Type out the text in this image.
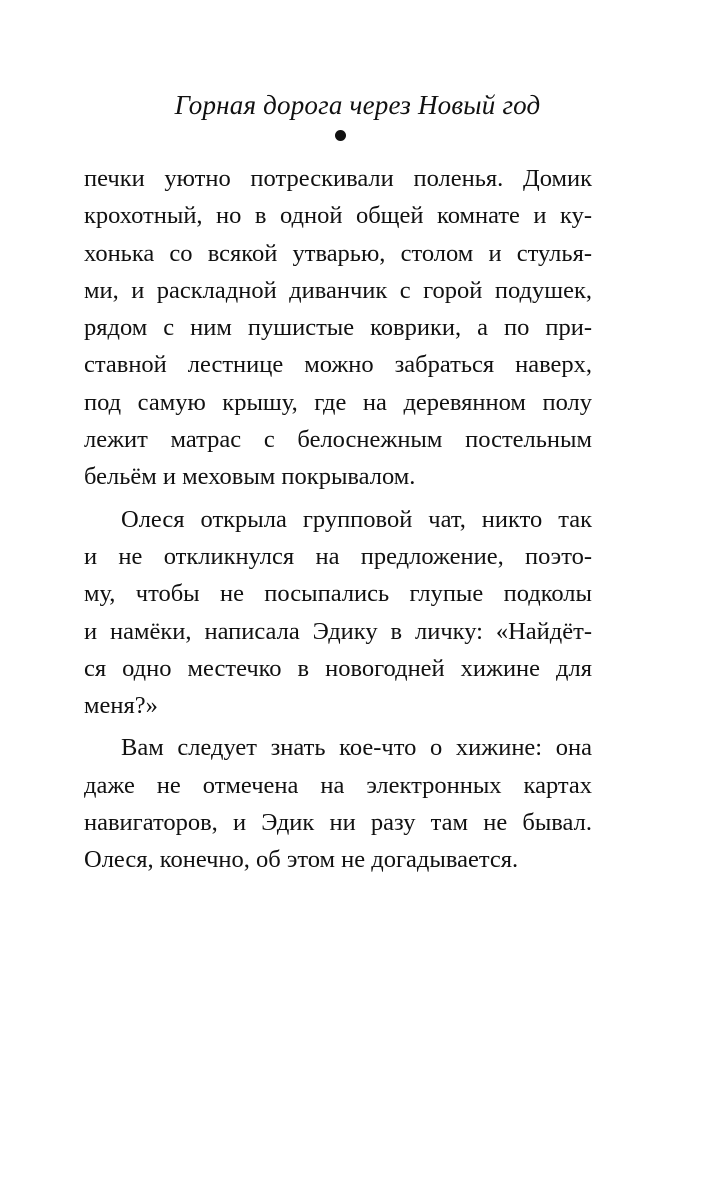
Горная дорога через Новый год
печки уютно потрескивали поленья. Домик
крохотный, но в одной общей комнате и ку-
хонька со всякой утварью, столом и стулья-
ми, и раскладной диванчик с горой подушек,
рядом с ним пушистые коврики, а по при-
ставной лестнице можно забраться наверх,
под самую крышу, где на деревянном полу
лежит матрас с белоснежным постельным
бельём и меховым покрывалом.
Олеся открыла групповой чат, никто так
и не откликнулся на предложение, поэто-
му, чтобы не посыпались глупые подколы
и намёки, написала Эдику в личку: «Найдёт-
ся одно местечко в новогодней хижине для
меня?»
Вам следует знать кое-что о хижине: она
даже не отмечена на электронных картах
навигаторов, и Эдик ни разу там не бывал.
Олеся, конечно, об этом не догадывается.
